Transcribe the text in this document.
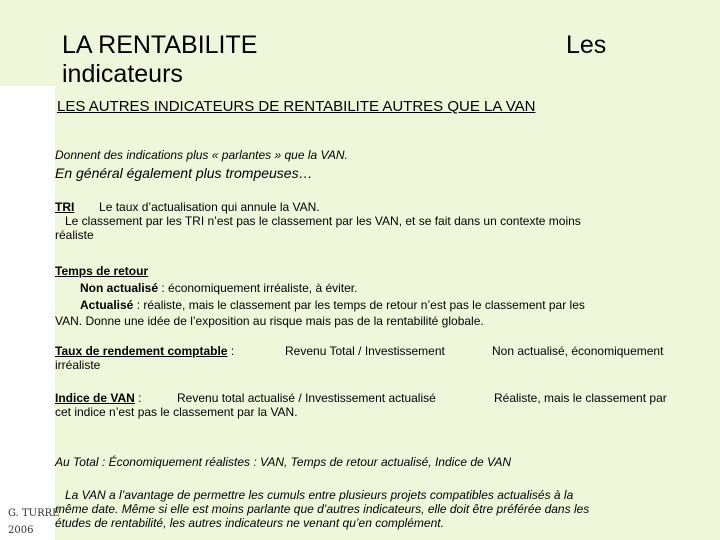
LA RENTABILITE
indicateurs
Les
LES AUTRES INDICATEURS DE RENTABILITE AUTRES QUE LA VAN
Donnent des indications plus « parlantes » que la VAN.
En général également plus trompeuses…
TRI Le taux d’actualisation qui annule la VAN.
Le classement par les TRI n’est pas le classement par les VAN, et se fait dans un contexte moins
réaliste
Temps de retour
Non actualisé : économiquement irréaliste, à éviter.
Actualisé : réaliste, mais le classement par les temps de retour n’est pas le classement par les
VAN. Donne une idée de l’exposition au risque mais pas de la rentabilité globale.
Taux de rendement comptable :	Revenu Total / Investissement	Non actualisé, économiquement
irréaliste
Indice de VAN :	Revenu total actualisé / Investissement actualisé	Réaliste, mais le classement par
cet indice n’est pas le classement par la VAN.
Au Total : Économiquement réalistes : VAN, Temps de retour actualisé, Indice de VAN
La VAN a l’avantage de permettre les cumuls entre plusieurs projets compatibles actualisés à la
même date. Même si elle est moins parlante que d’autres indicateurs, elle doit être préférée dans les
études de rentabilité, les autres indicateurs ne venant qu’en complément.
G. TURRE
2006
